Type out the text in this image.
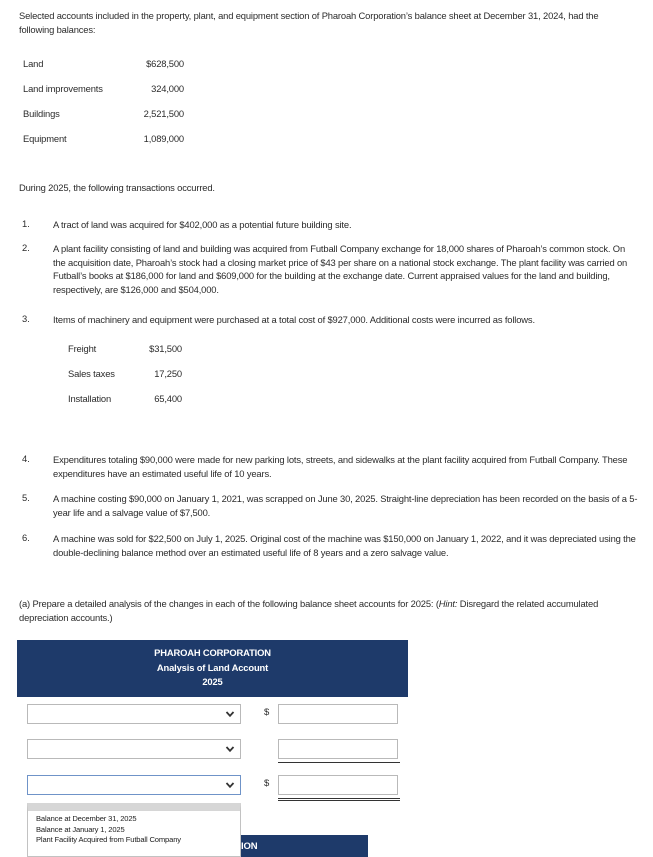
Selected accounts included in the property, plant, and equipment section of Pharoah Corporation’s balance sheet at December 31, 2024, had the following balances:
Land	$628,500
Land improvements	324,000
Buildings	2,521,500
Equipment	1,089,000
During 2025, the following transactions occurred.
1. A tract of land was acquired for $402,000 as a potential future building site.
2. A plant facility consisting of land and building was acquired from Futball Company exchange for 18,000 shares of Pharoah’s common stock. On the acquisition date, Pharoah’s stock had a closing market price of $43 per share on a national stock exchange. The plant facility was carried on Futball’s books at $186,000 for land and $609,000 for the building at the exchange date. Current appraised values for the land and building, respectively, are $126,000 and $504,000.
3. Items of machinery and equipment were purchased at a total cost of $927,000. Additional costs were incurred as follows.
Freight	$31,500
Sales taxes	17,250
Installation	65,400
4. Expenditures totaling $90,000 were made for new parking lots, streets, and sidewalks at the plant facility acquired from Futball Company. These expenditures have an estimated useful life of 10 years.
5. A machine costing $90,000 on January 1, 2021, was scrapped on June 30, 2025. Straight-line depreciation has been recorded on the basis of a 5-year life and a salvage value of $7,500.
6. A machine was sold for $22,500 on July 1, 2025. Original cost of the machine was $150,000 on January 1, 2022, and it was depreciated using the double-declining balance method over an estimated useful life of 8 years and a zero salvage value.
(a) Prepare a detailed analysis of the changes in each of the following balance sheet accounts for 2025: (Hint: Disregard the related accumulated depreciation accounts.)
PHAROAH CORPORATION
Analysis of Land Account
2025
$
$
ION
Balance at December 31, 2025
Balance at January 1, 2025
Plant Facility Acquired from Futball Company
